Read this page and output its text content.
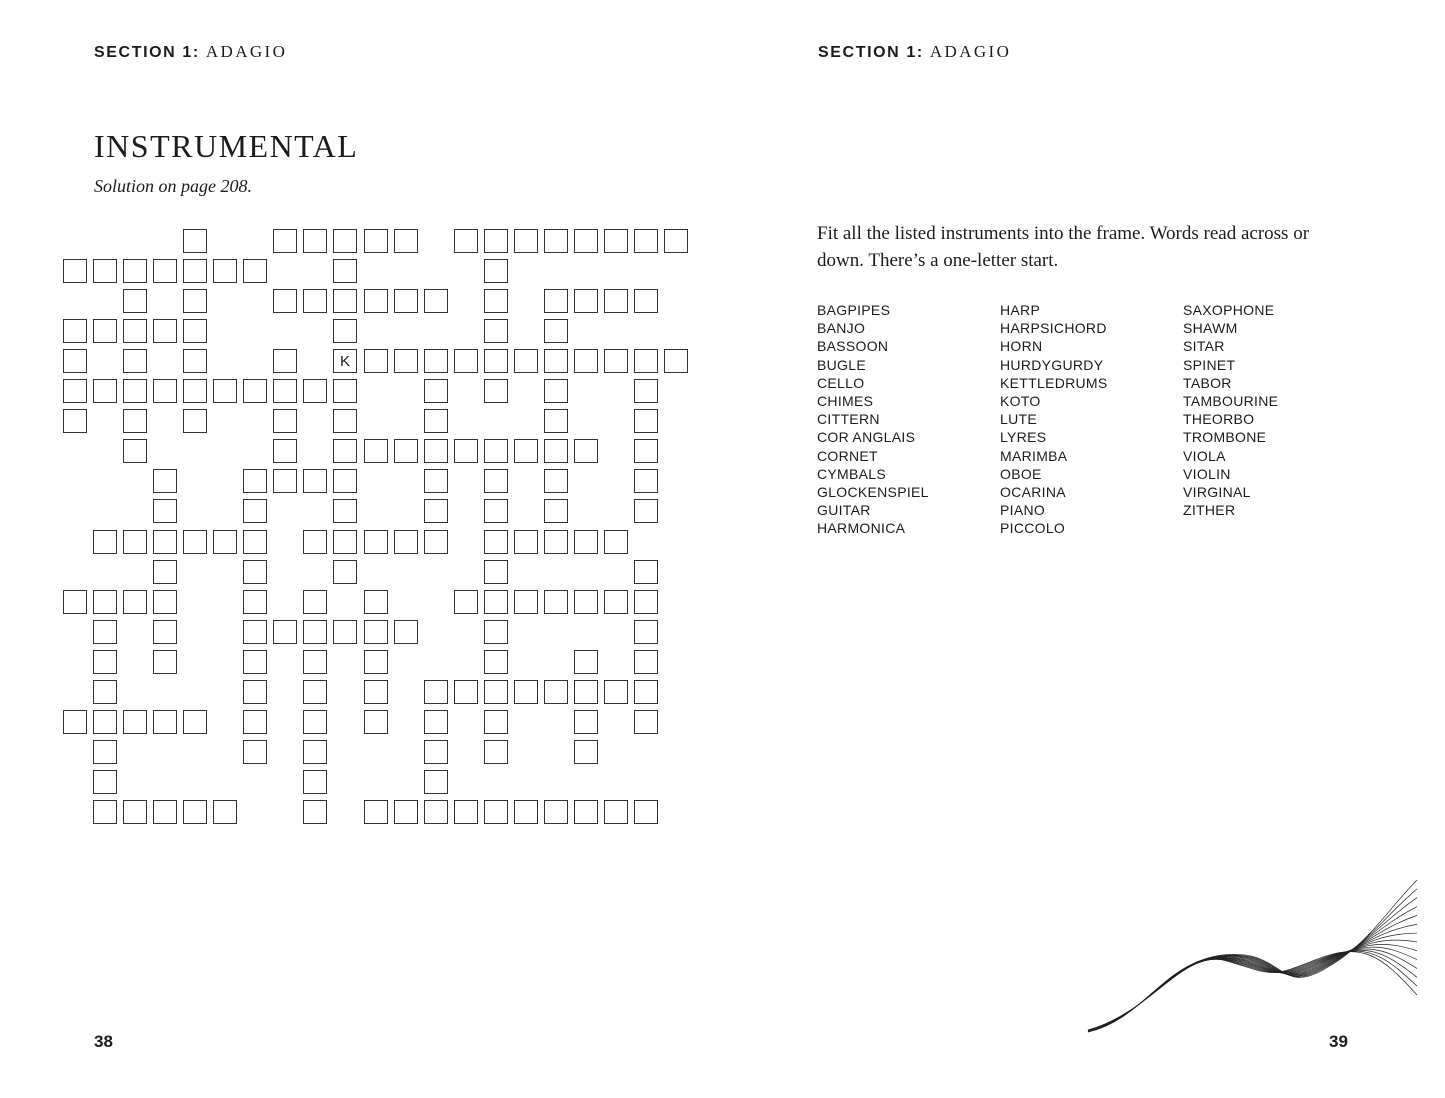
SECTION 1: ADAGIO
INSTRUMENTAL
Solution on page 208.
K
38
SECTION 1: ADAGIO

Fit all the listed instruments into the frame. Words read across or down. There’s a one-letter start.

BAGPIPES
BANJO
BASSOON
BUGLE
CELLO
CHIMES
CITTERN
COR ANGLAIS
CORNET
CYMBALS
GLOCKENSPIEL
GUITAR
HARMONICA
HARP
HARPSICHORD
HORN
HURDYGURDY
KETTLEDRUMS
KOTO
LUTE
LYRES
MARIMBA
OBOE
OCARINA
PIANO
PICCOLO
SAXOPHONE
SHAWM
SITAR
SPINET
TABOR
TAMBOURINE
THEORBO
TROMBONE
VIOLA
VIOLIN
VIRGINAL
ZITHER
39
